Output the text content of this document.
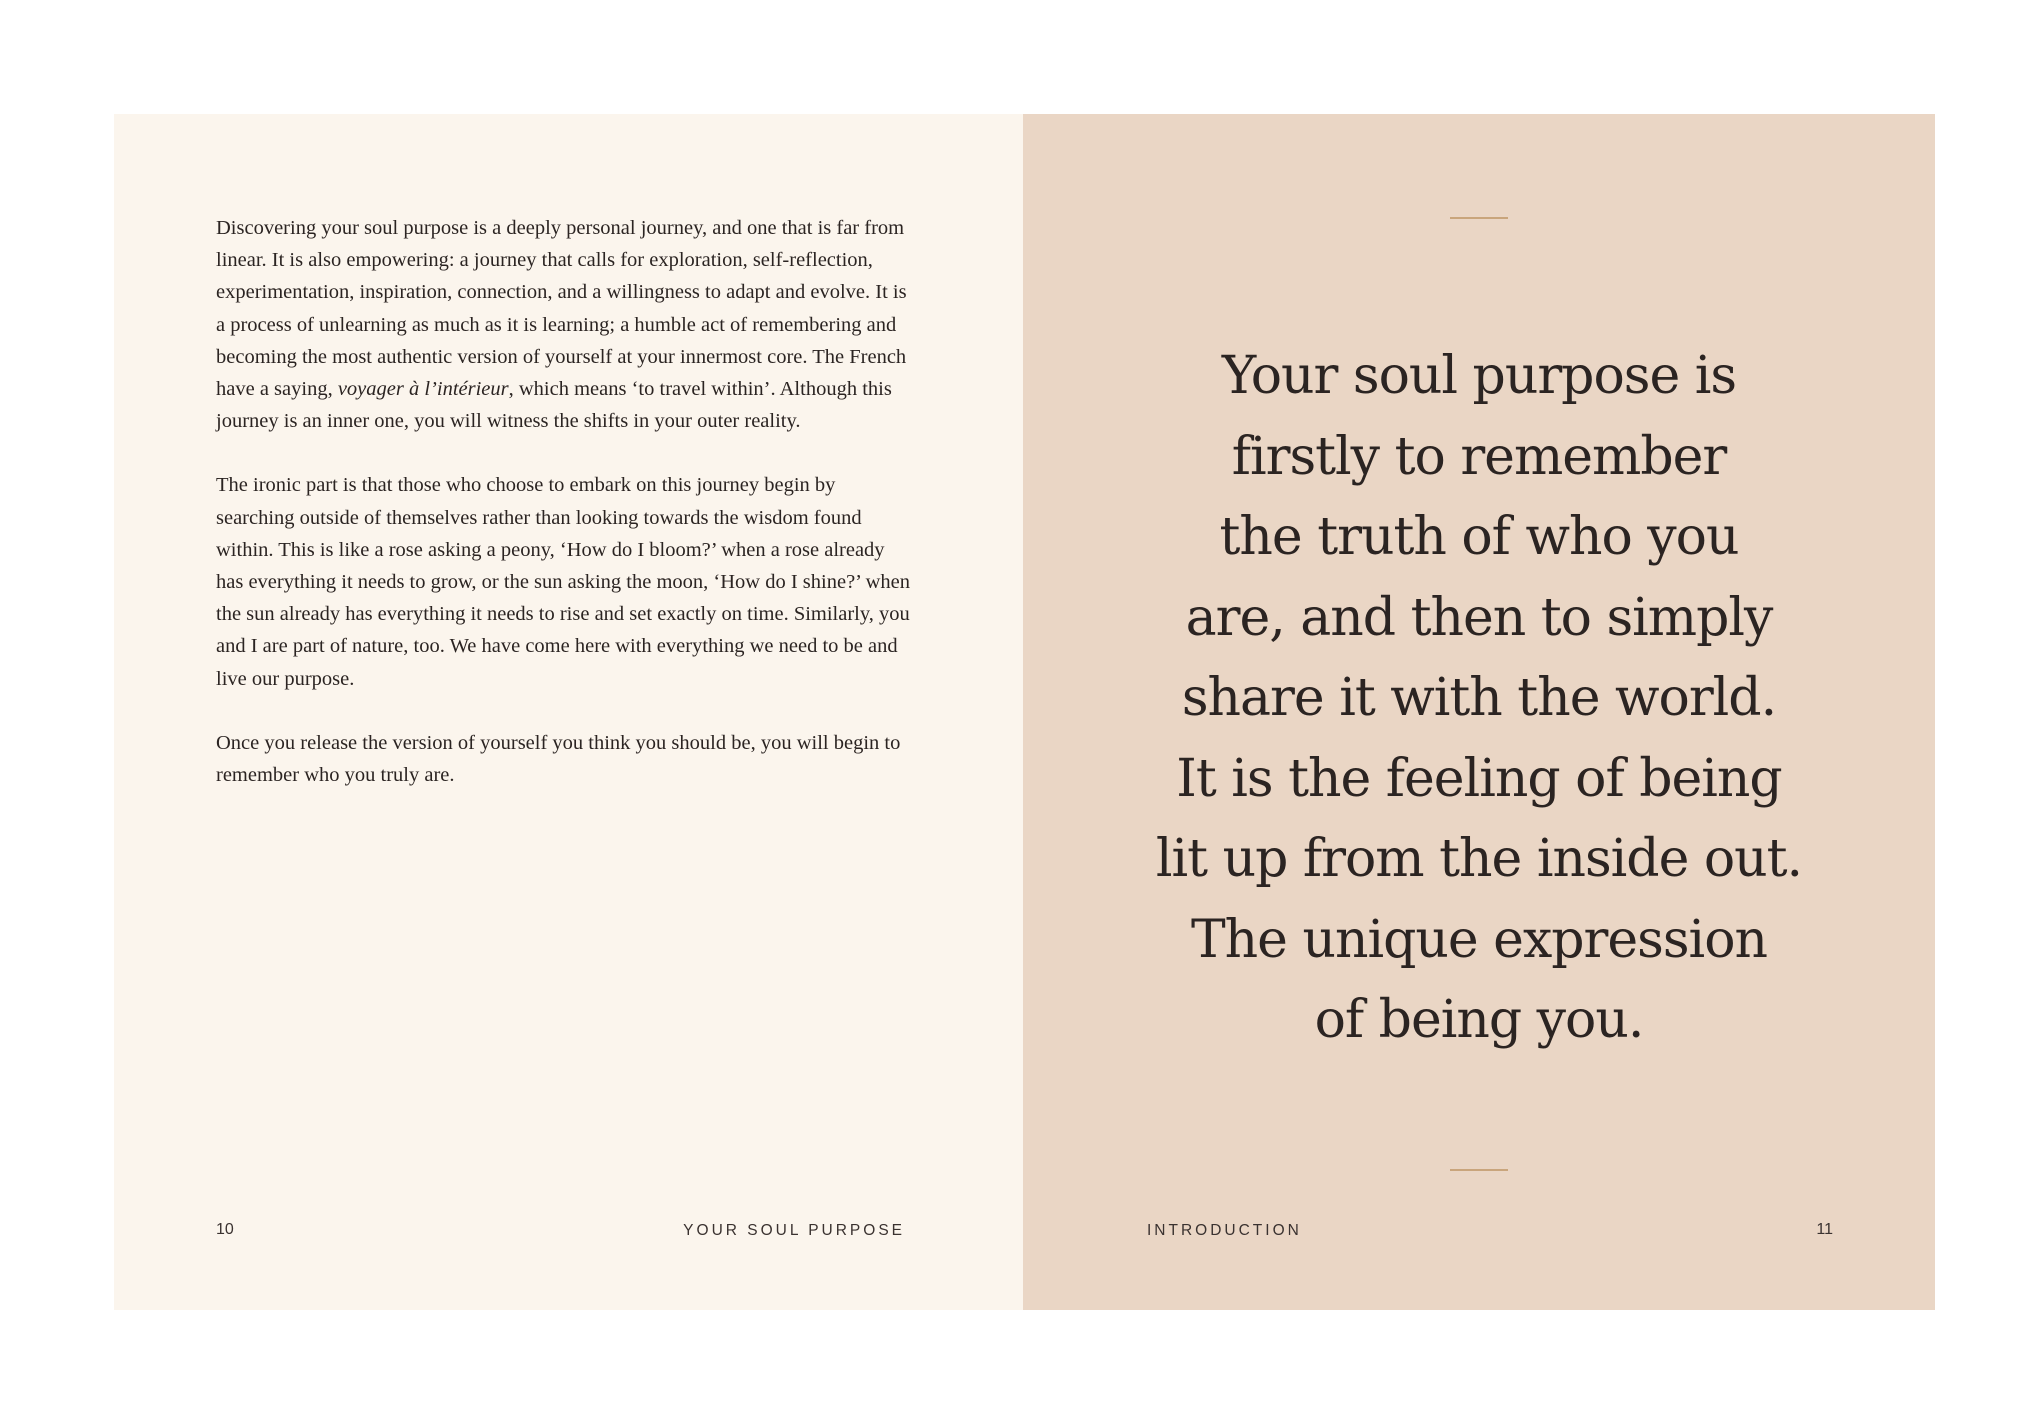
Discovering your soul purpose is a deeply personal journey, and one that is far from linear. It is also empowering: a journey that calls for exploration, self-reflection, experimentation, inspiration, connection, and a willingness to adapt and evolve. It is a process of unlearning as much as it is learning; a humble act of remembering and becoming the most authentic version of yourself at your innermost core. The French have a saying, voyager à l’intérieur, which means ‘to travel within’. Although this journey is an inner one, you will witness the shifts in your outer reality.

The ironic part is that those who choose to embark on this journey begin by searching outside of themselves rather than looking towards the wisdom found within. This is like a rose asking a peony, ‘How do I bloom?’ when a rose already has everything it needs to grow, or the sun asking the moon, ‘How do I shine?’ when the sun already has everything it needs to rise and set exactly on time. Similarly, you and I are part of nature, too. We have come here with everything we need to be and live our purpose.

Once you release the version of yourself you think you should be, you will begin to remember who you truly are.

10	YOUR SOUL PURPOSE
Your soul purpose is
firstly to remember
the truth of who you
are, and then to simply
share it with the world.
It is the feeling of being
lit up from the inside out.
The unique expression
of being you.
INTRODUCTION	11
